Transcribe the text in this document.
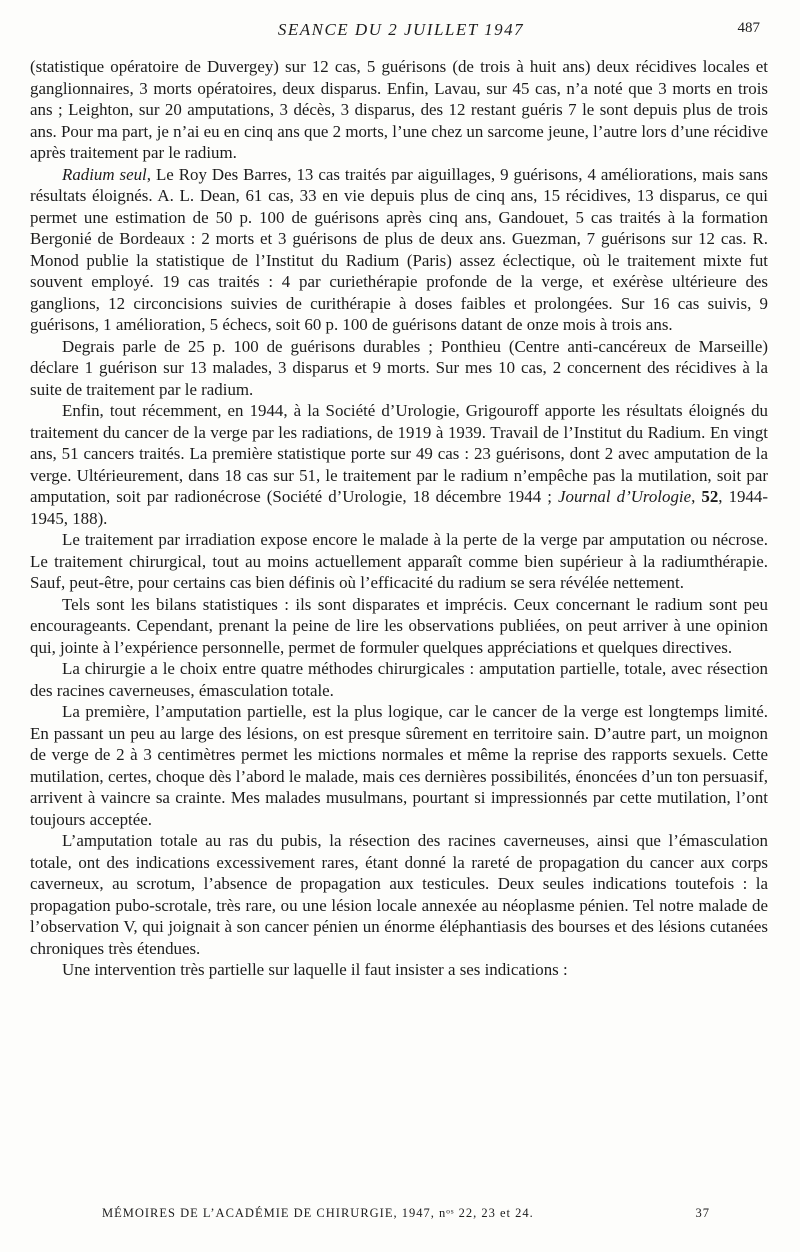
SEANCE DU 2 JUILLET 1947	487

(statistique opératoire de Duvergey) sur 12 cas, 5 guérisons (de trois à huit ans) deux récidives locales et ganglionnaires, 3 morts opératoires, deux disparus. Enfin, Lavau, sur 45 cas, n’a noté que 3 morts en trois ans ; Leighton, sur 20 amputations, 3 décès, 3 disparus, des 12 restant guéris 7 le sont depuis plus de trois ans. Pour ma part, je n’ai eu en cinq ans que 2 morts, l’une chez un sarcome jeune, l’autre lors d’une récidive après traitement par le radium.

Radium seul, Le Roy Des Barres, 13 cas traités par aiguillages, 9 guérisons, 4 améliorations, mais sans résultats éloignés. A. L. Dean, 61 cas, 33 en vie depuis plus de cinq ans, 15 récidives, 13 disparus, ce qui permet une estimation de 50 p. 100 de guérisons après cinq ans, Gandouet, 5 cas traités à la formation Bergonié de Bordeaux : 2 morts et 3 guérisons de plus de deux ans. Guezman, 7 guérisons sur 12 cas. R. Monod publie la statistique de l’Institut du Radium (Paris) assez éclectique, où le traitement mixte fut souvent employé. 19 cas traités : 4 par curiethérapie profonde de la verge, et exérèse ultérieure des ganglions, 12 circoncisions suivies de curithérapie à doses faibles et prolongées. Sur 16 cas suivis, 9 guérisons, 1 amélioration, 5 échecs, soit 60 p. 100 de guérisons datant de onze mois à trois ans.

Degrais parle de 25 p. 100 de guérisons durables ; Ponthieu (Centre anti-cancéreux de Marseille) déclare 1 guérison sur 13 malades, 3 disparus et 9 morts. Sur mes 10 cas, 2 concernent des récidives à la suite de traitement par le radium.

Enfin, tout récemment, en 1944, à la Société d’Urologie, Grigouroff apporte les résultats éloignés du traitement du cancer de la verge par les radiations, de 1919 à 1939. Travail de l’Institut du Radium. En vingt ans, 51 cancers traités. La première statistique porte sur 49 cas : 23 guérisons, dont 2 avec amputation de la verge. Ultérieurement, dans 18 cas sur 51, le traitement par le radium n’empêche pas la mutilation, soit par amputation, soit par radionécrose (Société d’Urologie, 18 décembre 1944 ; Journal d’Urologie, 52, 1944-1945, 188).

Le traitement par irradiation expose encore le malade à la perte de la verge par amputation ou nécrose. Le traitement chirurgical, tout au moins actuellement apparaît comme bien supérieur à la radiumthérapie. Sauf, peut-être, pour certains cas bien définis où l’efficacité du radium se sera révélée nettement.

Tels sont les bilans statistiques : ils sont disparates et imprécis. Ceux concernant le radium sont peu encourageants. Cependant, prenant la peine de lire les observations publiées, on peut arriver à une opinion qui, jointe à l’expérience personnelle, permet de formuler quelques appréciations et quelques directives.

La chirurgie a le choix entre quatre méthodes chirurgicales : amputation partielle, totale, avec résection des racines caverneuses, émasculation totale.

La première, l’amputation partielle, est la plus logique, car le cancer de la verge est longtemps limité. En passant un peu au large des lésions, on est presque sûrement en territoire sain. D’autre part, un moignon de verge de 2 à 3 centimètres permet les mictions normales et même la reprise des rapports sexuels. Cette mutilation, certes, choque dès l’abord le malade, mais ces dernières possibilités, énoncées d’un ton persuasif, arrivent à vaincre sa crainte. Mes malades musulmans, pourtant si impressionnés par cette mutilation, l’ont toujours acceptée.

L’amputation totale au ras du pubis, la résection des racines caverneuses, ainsi que l’émasculation totale, ont des indications excessivement rares, étant donné la rareté de propagation du cancer aux corps caverneux, au scrotum, l’absence de propagation aux testicules. Deux seules indications toutefois : la propagation pubo-scrotale, très rare, ou une lésion locale annexée au néoplasme pénien. Tel notre malade de l’observation V, qui joignait à son cancer pénien un énorme éléphantiasis des bourses et des lésions cutanées chroniques très étendues.

Une intervention très partielle sur laquelle il faut insister a ses indications :

MÉMOIRES DE L’ACADÉMIE DE CHIRURGIE, 1947, nᵒˢ 22, 23 et 24.	37
